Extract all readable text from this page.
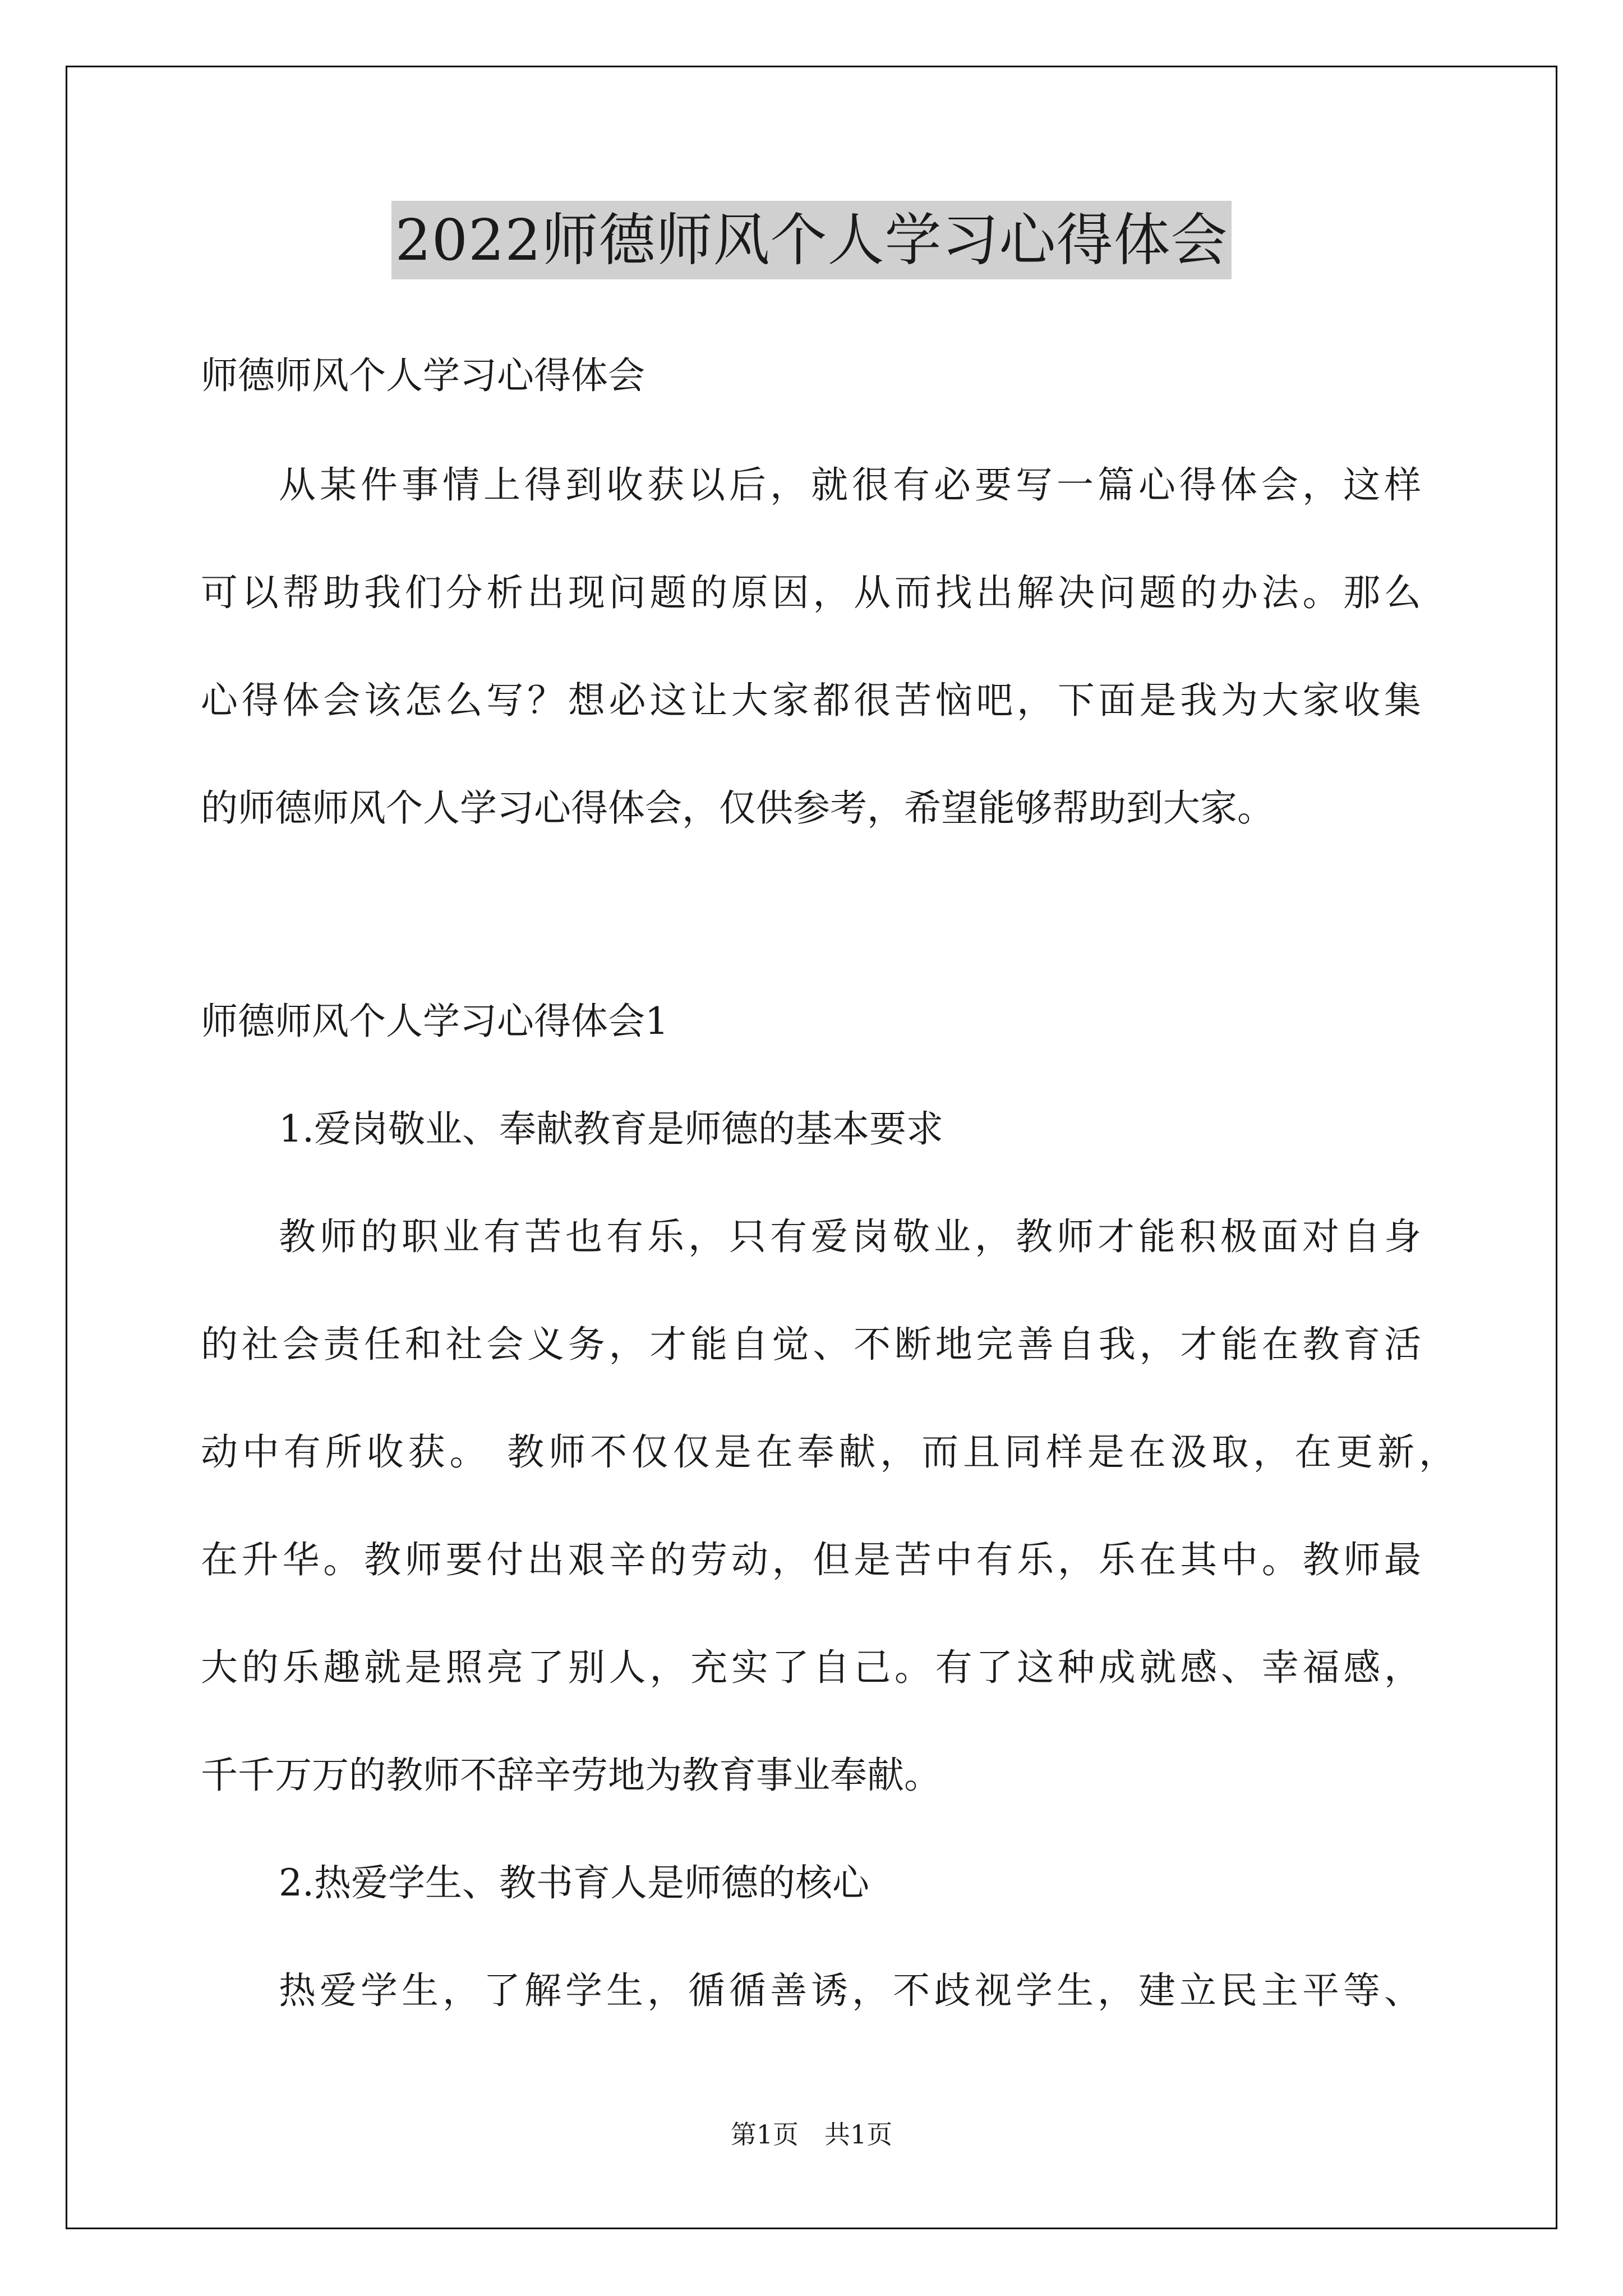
2022师德师风个人学习心得体会
师德师风个人学习心得体会
从某件事情上得到收获以后，就很有必要写一篇心得体会，这样
可以帮助我们分析出现问题的原因，从而找出解决问题的办法。那么
心得体会该怎么写？想必这让大家都很苦恼吧，下面是我为大家收集
的师德师风个人学习心得体会，仅供参考，希望能够帮助到大家。
师德师风个人学习心得体会1
1.爱岗敬业、奉献教育是师德的基本要求
教师的职业有苦也有乐，只有爱岗敬业，教师才能积极面对自身
的社会责任和社会义务，才能自觉、不断地完善自我，才能在教育活
动中有所收获。 教师不仅仅是在奉献，而且同样是在汲取，在更新，
在升华。教师要付出艰辛的劳动，但是苦中有乐，乐在其中。教师最
大的乐趣就是照亮了别人，充实了自己。有了这种成就感、幸福感，
千千万万的教师不辞辛劳地为教育事业奉献。
2.热爱学生、教书育人是师德的核心
热爱学生，了解学生，循循善诱，不歧视学生，建立民主平等、
第1页　共1页
